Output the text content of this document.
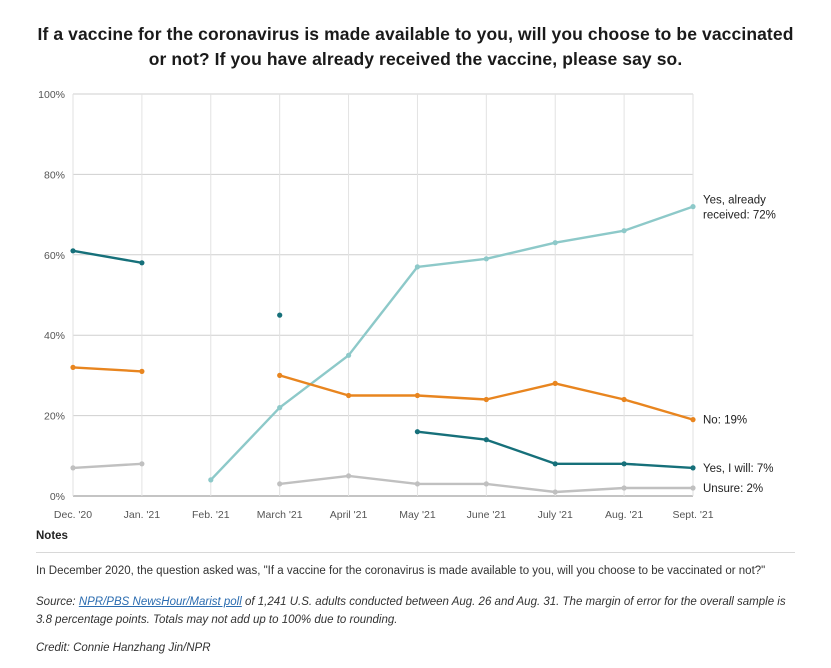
If a vaccine for the coronavirus is made available to you, will you choose to be vaccinated or not? If you have already received the vaccine, please say so.
0%
20%
40%
60%
80%
100%
Dec. '20	Jan. '21	Feb. '21	March '21	April '21	May '21	June '21	July '21	Aug. '21	Sept. '21
Yes, already
received: 72%
Yes, I will: 7%
No: 19%
Unsure: 2%
Notes

In December 2020, the question asked was, "If a vaccine for the coronavirus is made available to you, will you choose to be vaccinated or not?"

Source: NPR/PBS NewsHour/Marist poll of 1,241 U.S. adults conducted between Aug. 26 and Aug. 31. The margin of error for the overall sample is 3.8 percentage points. Totals may not add up to 100% due to rounding.

Credit: Connie Hanzhang Jin/NPR
